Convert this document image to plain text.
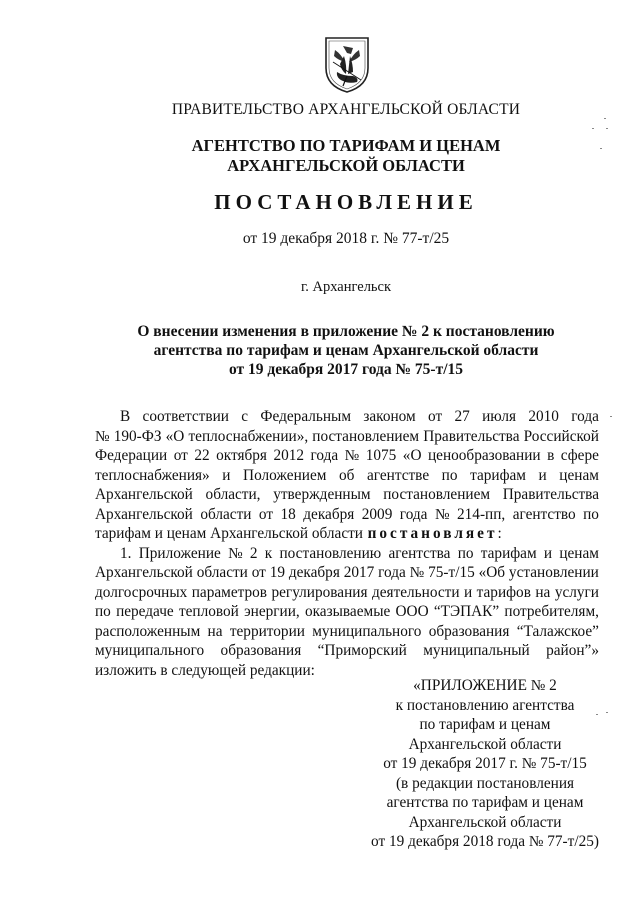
ПРАВИТЕЛЬСТВО АРХАНГЕЛЬСКОЙ ОБЛАСТИ
АГЕНТСТВО ПО ТАРИФАМ И ЦЕНАМ
АРХАНГЕЛЬСКОЙ ОБЛАСТИ
ПОСТАНОВЛЕНИЕ
от 19 декабря 2018 г. № 77-т/25
г. Архангельск
О внесении изменения в приложение № 2 к постановлению
агентства по тарифам и ценам Архангельской области
от 19 декабря 2017 года № 75-т/15
В соответствии с Федеральным законом от 27 июля 2010 года
№ 190-ФЗ «О теплоснабжении», постановлением Правительства Российской
Федерации от 22 октября 2012 года № 1075 «О ценообразовании в сфере
теплоснабжения» и Положением об агентстве по тарифам и ценам
Архангельской области, утвержденным постановлением Правительства
Архангельской области от 18 декабря 2009 года № 214-пп, агентство по
тарифам и ценам Архангельской области постановляет:
1. Приложение № 2 к постановлению агентства по тарифам и ценам
Архангельской области от 19 декабря 2017 года № 75-т/15 «Об установлении
долгосрочных параметров регулирования деятельности и тарифов на услуги
по передаче тепловой энергии, оказываемые ООО “ТЭПАК” потребителям,
расположенным на территории муниципального образования “Талажское”
муниципального образования “Приморский муниципальный район”»
изложить в следующей редакции:
«ПРИЛОЖЕНИЕ № 2
к постановлению агентства
по тарифам и ценам
Архангельской области
от 19 декабря 2017 г. № 75-т/15
(в редакции постановления
агентства по тарифам и ценам
Архангельской области
от 19 декабря 2018 года № 77-т/25)
